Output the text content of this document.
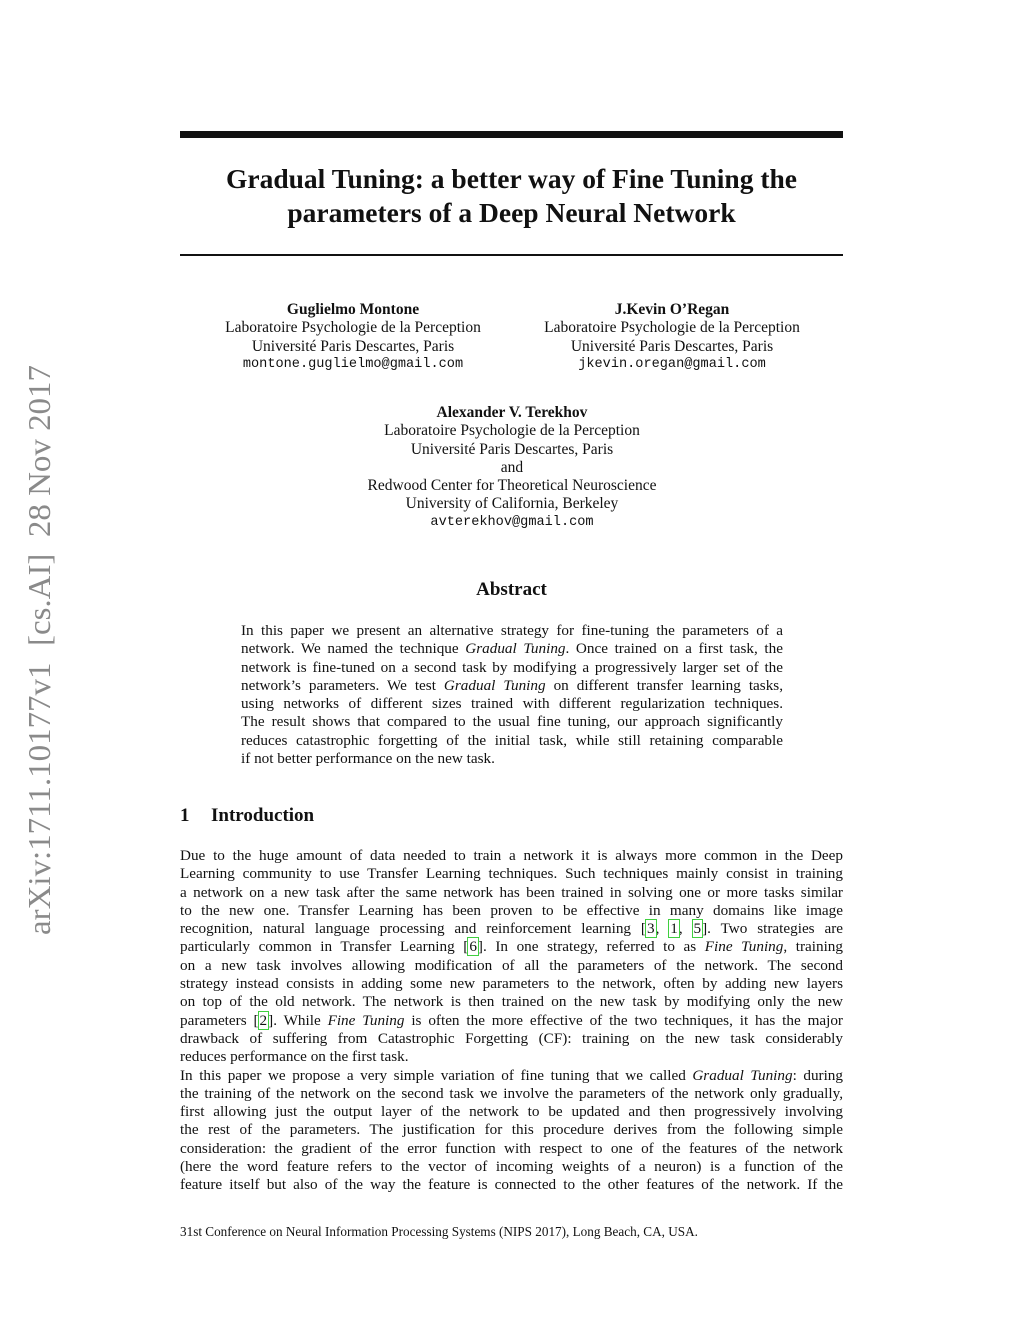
arXiv:1711.10177v1  [cs.AI]  28 Nov 2017
Gradual Tuning: a better way of Fine Tuning the
parameters of a Deep Neural Network
Guglielmo Montone
Laboratoire Psychologie de la Perception
Université Paris Descartes, Paris
montone.guglielmo@gmail.com
J.Kevin O’Regan
Laboratoire Psychologie de la Perception
Université Paris Descartes, Paris
jkevin.oregan@gmail.com
Alexander V. Terekhov
Laboratoire Psychologie de la Perception
Université Paris Descartes, Paris
and
Redwood Center for Theoretical Neuroscience
University of California, Berkeley
avterekhov@gmail.com
Abstract
In this paper we present an alternative strategy for fine-tuning the parameters of a
network. We named the technique Gradual Tuning. Once trained on a first task, the
network is fine-tuned on a second task by modifying a progressively larger set of the
network’s parameters. We test Gradual Tuning on different transfer learning tasks,
using networks of different sizes trained with different regularization techniques.
The result shows that compared to the usual fine tuning, our approach significantly
reduces catastrophic forgetting of the initial task, while still retaining comparable
if not better performance on the new task.
1 Introduction
Due to the huge amount of data needed to train a network it is always more common in the Deep
Learning community to use Transfer Learning techniques. Such techniques mainly consist in training
a network on a new task after the same network has been trained in solving one or more tasks similar
to the new one. Transfer Learning has been proven to be effective in many domains like image
recognition, natural language processing and reinforcement learning [3, 1, 5]. Two strategies are
particularly common in Transfer Learning [6]. In one strategy, referred to as Fine Tuning, training
on a new task involves allowing modification of all the parameters of the network. The second
strategy instead consists in adding some new parameters to the network, often by adding new layers
on top of the old network. The network is then trained on the new task by modifying only the new
parameters [2]. While Fine Tuning is often the more effective of the two techniques, it has the major
drawback of suffering from Catastrophic Forgetting (CF): training on the new task considerably
reduces performance on the first task.
In this paper we propose a very simple variation of fine tuning that we called Gradual Tuning: during
the training of the network on the second task we involve the parameters of the network only gradually,
first allowing just the output layer of the network to be updated and then progressively involving
the rest of the parameters. The justification for this procedure derives from the following simple
consideration: the gradient of the error function with respect to one of the features of the network
(here the word feature refers to the vector of incoming weights of a neuron) is a function of the
feature itself but also of the way the feature is connected to the other features of the network. If the
31st Conference on Neural Information Processing Systems (NIPS 2017), Long Beach, CA, USA.
